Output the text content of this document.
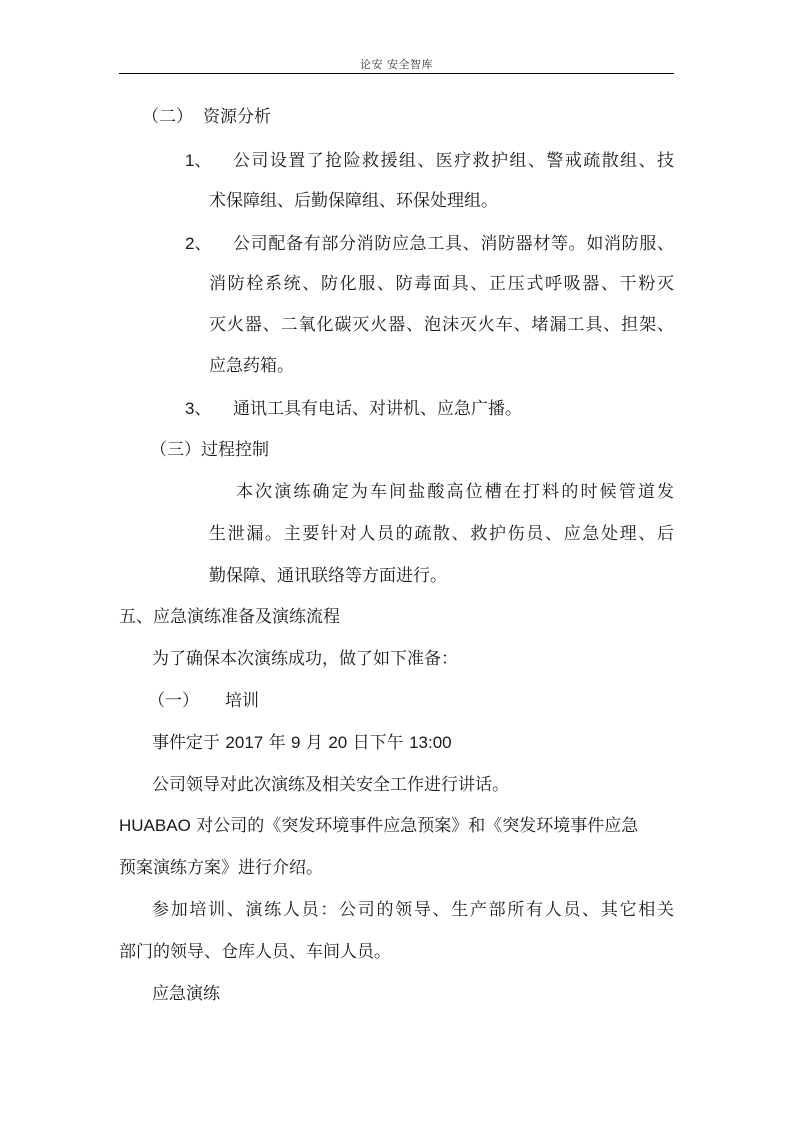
论安 安全智库
（二） 资源分析
1、 公司设置了抢险救援组、医疗救护组、警戒疏散组、技
术保障组、后勤保障组、环保处理组。
2、 公司配备有部分消防应急工具、消防器材等。如消防服、
消防栓系统、防化服、防毒面具、正压式呼吸器、干粉灭
灭火器、二氧化碳灭火器、泡沫灭火车、堵漏工具、担架、
应急药箱。
3、 通讯工具有电话、对讲机、应急广播。
（三）过程控制
本次演练确定为车间盐酸高位槽在打料的时候管道发
生泄漏。主要针对人员的疏散、救护伤员、应急处理、后
勤保障、通讯联络等方面进行。
五、应急演练准备及演练流程
为了确保本次演练成功，做了如下准备：
（一） 培训
事件定于 2017 年 9 月 20 日下午 13:00
公司领导对此次演练及相关安全工作进行讲话。
HUABAO 对公司的《突发环境事件应急预案》和《突发环境事件应急
预案演练方案》进行介绍。
参加培训、演练人员：公司的领导、生产部所有人员、其它相关
部门的领导、仓库人员、车间人员。
应急演练
